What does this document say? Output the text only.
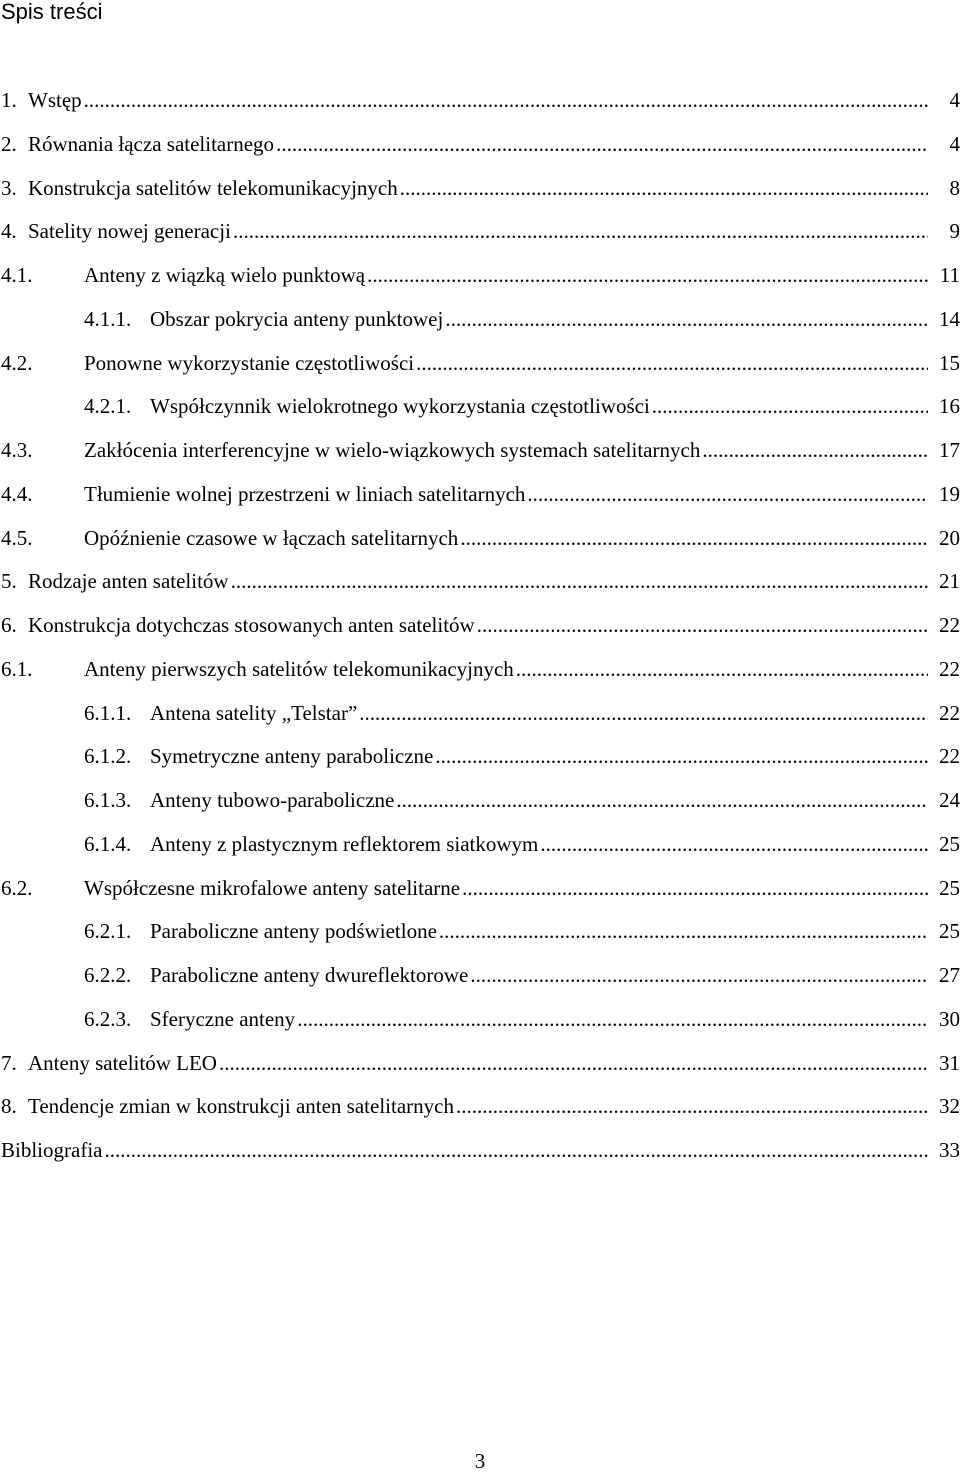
Spis treści
1. Wstęp .....	4
2. Równania łącza satelitarnego .....	4
3. Konstrukcja satelitów telekomunikacyjnych .....	8
4. Satelity nowej generacji .....	9
4.1.	Anteny z wiązką wielo punktową .....	11
4.1.1. Obszar pokrycia anteny punktowej .....	14
4.2.	Ponowne wykorzystanie częstotliwości .....	15
4.2.1. Współczynnik wielokrotnego wykorzystania częstotliwości .....	16
4.3.	Zakłócenia interferencyjne w wielo-wiązkowych systemach satelitarnych .....	17
4.4.	Tłumienie wolnej przestrzeni w liniach satelitarnych .....	19
4.5.	Opóźnienie czasowe w łączach satelitarnych .....	20
5. Rodzaje anten satelitów .....	21
6. Konstrukcja dotychczas stosowanych anten satelitów .....	22
6.1.	Anteny pierwszych satelitów telekomunikacyjnych .....	22
6.1.1. Antena satelity „Telstar” .....	22
6.1.2. Symetryczne anteny paraboliczne .....	22
6.1.3. Anteny tubowo-paraboliczne .....	24
6.1.4. Anteny z plastycznym reflektorem siatkowym .....	25
6.2.	Współczesne mikrofalowe anteny satelitarne .....	25
6.2.1. Paraboliczne anteny podświetlone .....	25
6.2.2. Paraboliczne anteny dwureflektorowe .....	27
6.2.3. Sferyczne anteny .....	30
7. Anteny satelitów LEO .....	31
8. Tendencje zmian w konstrukcji anten satelitarnych .....	32
Bibliografia .....	33
3
